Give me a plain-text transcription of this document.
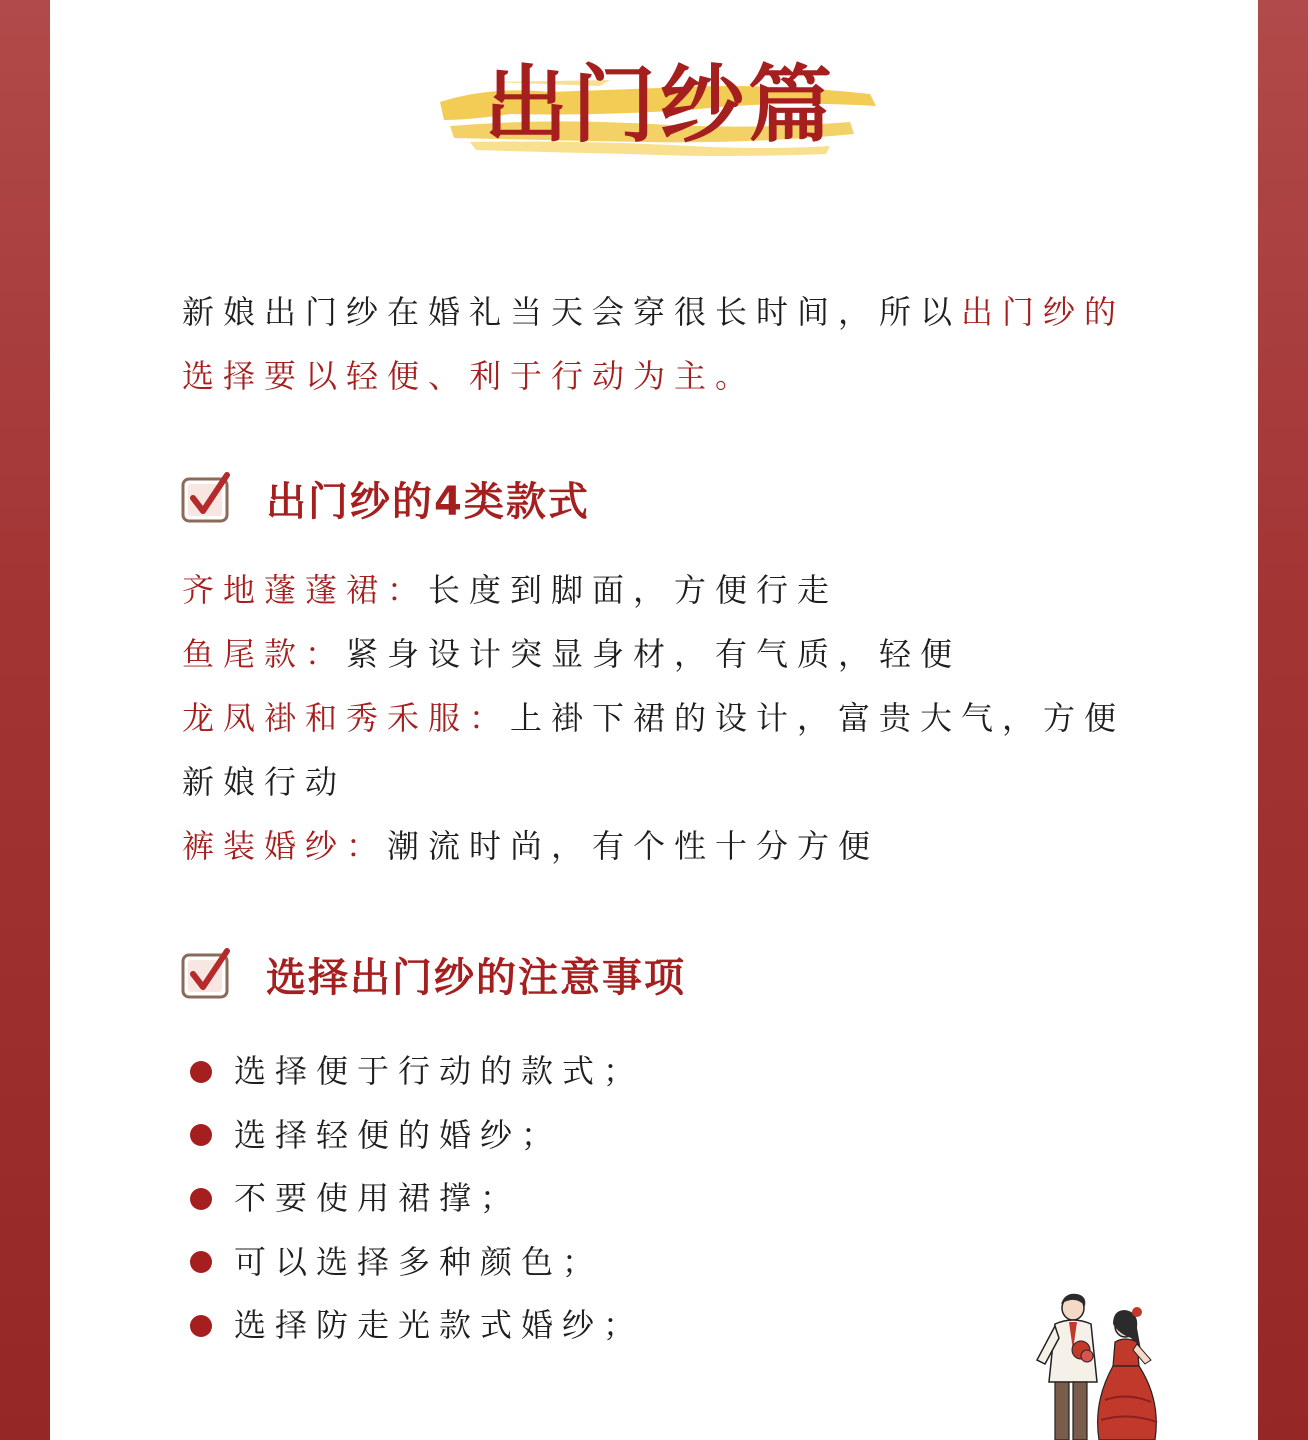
出门纱篇

新娘出门纱在婚礼当天会穿很长时间，所以出门纱的选择要以轻便、利于行动为主。

出门纱的4类款式

齐地蓬蓬裙：长度到脚面，方便行走

鱼尾款：紧身设计突显身材，有气质，轻便

龙凤褂和秀禾服：上褂下裙的设计，富贵大气，方便新娘行动

裤装婚纱：潮流时尚，有个性十分方便

选择出门纱的注意事项
选择便于行动的款式；
选择轻便的婚纱；
不要使用裙撑；
可以选择多种颜色；
选择防走光款式婚纱；
